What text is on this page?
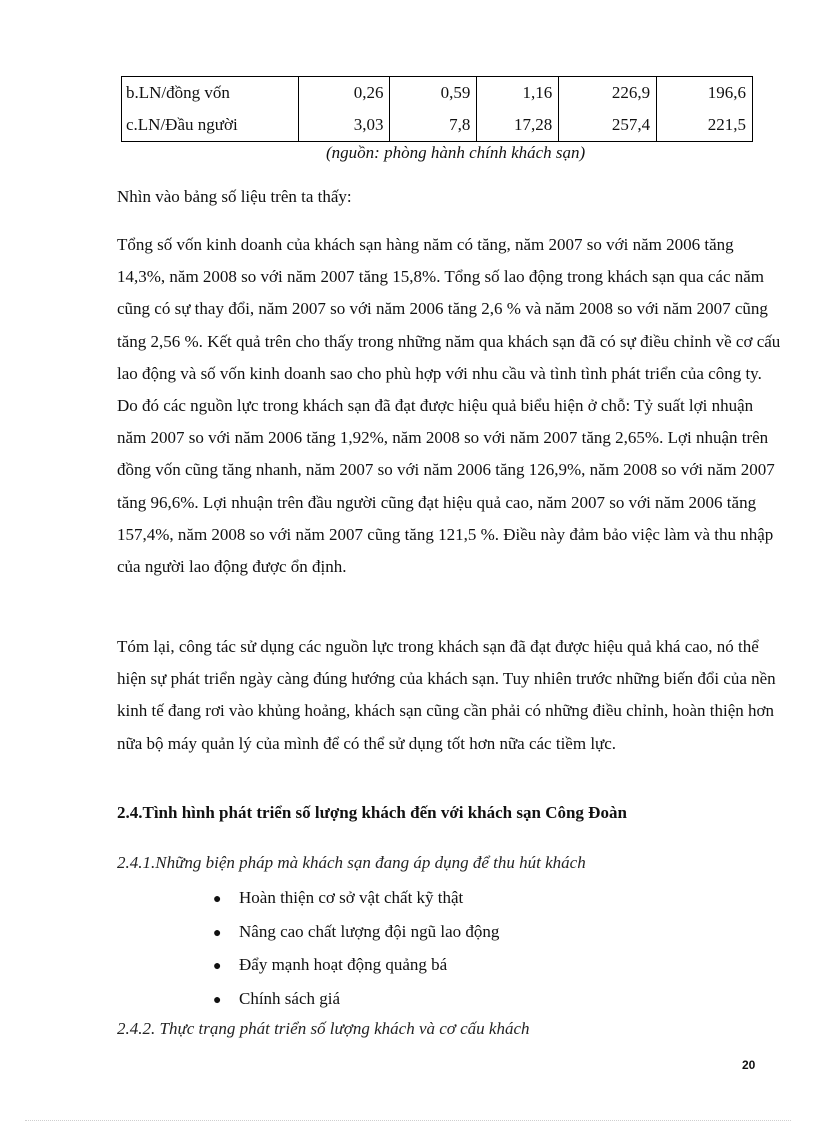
b.LN/đồng vốn	0,26	0,59	1,16	226,9	196,6
c.LN/Đầu người	3,03	7,8	17,28	257,4	221,5
(nguồn: phòng hành chính khách sạn)
Nhìn vào bảng số liệu trên ta thấy:
Tổng số vốn kinh doanh của khách sạn hàng năm có tăng, năm 2007 so với năm 2006 tăng 14,3%, năm 2008 so với năm 2007 tăng 15,8%. Tổng số lao động trong khách sạn qua các năm cũng có sự thay đổi, năm 2007 so với năm 2006 tăng 2,6 % và năm 2008 so với năm 2007 cũng tăng 2,56 %. Kết quả trên cho thấy trong những năm qua khách sạn đã có sự điều chỉnh về cơ cấu lao động và số vốn kinh doanh sao cho phù hợp với nhu cầu và tình tình phát triển của công ty. Do đó các nguồn lực trong khách sạn đã đạt được hiệu quả biểu hiện ở chỗ: Tỷ suất lợi nhuận năm 2007 so với năm 2006 tăng 1,92%, năm 2008 so với năm 2007 tăng 2,65%. Lợi nhuận trên đồng vốn cũng tăng nhanh, năm 2007 so với năm 2006 tăng 126,9%, năm 2008 so với năm 2007 tăng 96,6%. Lợi nhuận trên đầu người cũng đạt hiệu quả cao, năm 2007 so với năm 2006 tăng 157,4%, năm 2008 so với năm 2007 cũng tăng 121,5 %. Điều này đảm bảo việc làm và thu nhập của người lao động được ổn định.
Tóm lại, công tác sử dụng các nguồn lực trong khách sạn đã đạt được hiệu quả khá cao, nó thể hiện sự phát triển ngày càng đúng hướng của khách sạn. Tuy nhiên trước những biến đổi của nền kinh tế đang rơi vào khủng hoảng, khách sạn cũng cần phải có những điều chỉnh, hoàn thiện hơn nữa bộ máy quản lý của mình để có thể sử dụng tốt hơn nữa các tiềm lực.
2.4.Tình hình phát triển số lượng khách đến với khách sạn Công Đoàn
2.4.1.Những biện pháp mà khách sạn đang áp dụng để thu hút khách
● Hoàn thiện cơ sở vật chất kỹ thật
● Nâng cao chất lượng đội ngũ lao động
● Đẩy mạnh hoạt động quảng bá
● Chính sách giá
2.4.2. Thực trạng phát triển số lượng khách và cơ cấu khách
20
